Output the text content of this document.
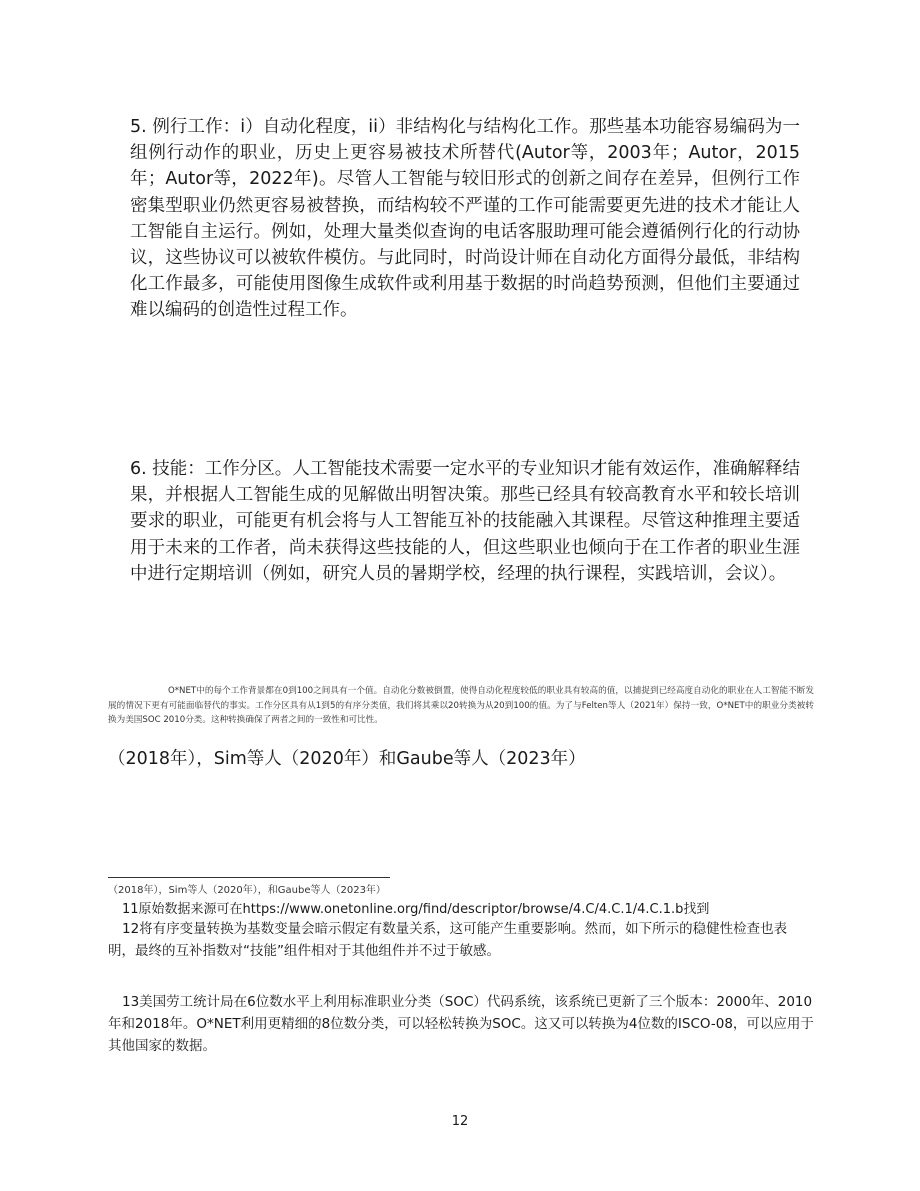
5. 例行工作：i）自动化程度，ii）非结构化与结构化工作。那些基本功能容易编码为一组例行动作的职业，历史上更容易被技术所替代(Autor等，2003年；Autor，2015年；Autor等，2022年)。尽管人工智能与较旧形式的创新之间存在差异，但例行工作密集型职业仍然更容易被替换，而结构较不严谨的工作可能需要更先进的技术才能让人工智能自主运行。例如，处理大量类似查询的电话客服助理可能会遵循例行化的行动协议，这些协议可以被软件模仿。与此同时，时尚设计师在自动化方面得分最低，非结构化工作最多，可能使用图像生成软件或利用基于数据的时尚趋势预测，但他们主要通过难以编码的创造性过程工作。

6. 技能：工作分区。人工智能技术需要一定水平的专业知识才能有效运作，准确解释结果，并根据人工智能生成的见解做出明智决策。那些已经具有较高教育水平和较长培训要求的职业，可能更有机会将与人工智能互补的技能融入其课程。尽管这种推理主要适用于未来的工作者，尚未获得这些技能的人，但这些职业也倾向于在工作者的职业生涯中进行定期培训（例如，研究人员的暑期学校，经理的执行课程，实践培训，会议）。

O*NET中的每个工作背景都在0到100之间具有一个值。自动化分数被倒置，使得自动化程度较低的职业具有较高的值，以捕捉到已经高度自动化的职业在人工智能不断发展的情况下更有可能面临替代的事实。工作分区具有从1到5的有序分类值，我们将其乘以20转换为从20到100的值。为了与Felten等人（2021年）保持一致，O*NET中的职业分类被转换为美国SOC 2010分类。这种转换确保了两者之间的一致性和可比性。

（2018年），Sim等人（2020年）和Gaube等人（2023年）

（2018年），Sim等人（2020年），和Gaube等人（2023年）

11原始数据来源可在https://www.onetonline.org/find/descriptor/browse/4.C/4.C.1/4.C.1.b找到

12将有序变量转换为基数变量会暗示假定有数量关系，这可能产生重要影响。然而，如下所示的稳健性检查也表明，最终的互补指数对“技能”组件相对于其他组件并不过于敏感。

13美国劳工统计局在6位数水平上利用标准职业分类（SOC）代码系统，该系统已更新了三个版本：2000年、2010年和2018年。O*NET利用更精细的8位数分类，可以轻松转换为SOC。这又可以转换为4位数的ISCO-08，可以应用于其他国家的数据。

12
